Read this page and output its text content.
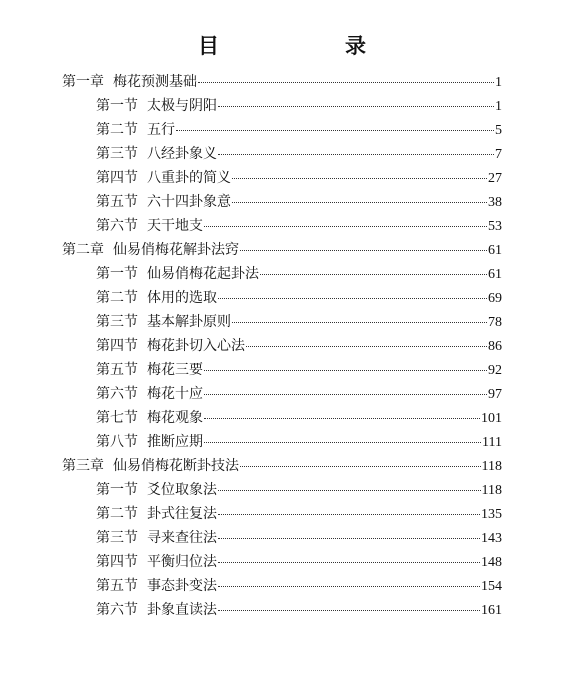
目　　录
第一章 梅花预测基础	1
第一节 太极与阴阳	1
第二节 五行	5
第三节 八经卦象义	7
第四节 八重卦的简义	27
第五节 六十四卦象意	38
第六节 天干地支	53
第二章 仙易俏梅花解卦法窍	61
第一节 仙易俏梅花起卦法	61
第二节 体用的选取	69
第三节 基本解卦原则	78
第四节 梅花卦切入心法	86
第五节 梅花三要	92
第六节 梅花十应	97
第七节 梅花观象	101
第八节 推断应期	111
第三章 仙易俏梅花断卦技法	118
第一节 爻位取象法	118
第二节 卦式往复法	135
第三节 寻来查往法	143
第四节 平衡归位法	148
第五节 事态卦变法	154
第六节 卦象直读法	161
